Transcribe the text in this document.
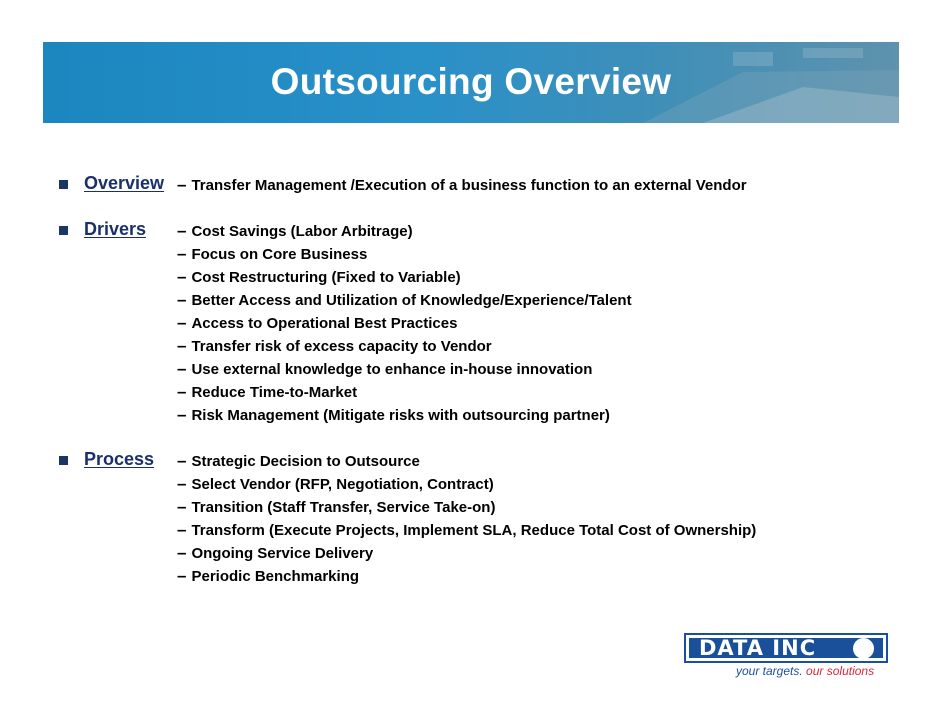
Outsourcing Overview
Overview – Transfer Management /Execution of a business function to an external Vendor
Drivers – Cost Savings (Labor Arbitrage)
– Focus on Core Business
– Cost Restructuring (Fixed to Variable)
– Better Access and Utilization of Knowledge/Experience/Talent
– Access to Operational Best Practices
– Transfer risk of excess capacity to Vendor
– Use external knowledge to enhance in-house innovation
– Reduce Time-to-Market
– Risk Management (Mitigate risks with outsourcing partner)
Process – Strategic Decision to Outsource
– Select Vendor (RFP, Negotiation, Contract)
– Transition (Staff Transfer, Service Take-on)
– Transform (Execute Projects, Implement SLA, Reduce Total Cost of Ownership)
– Ongoing Service Delivery
– Periodic Benchmarking
DATA INC
your targets. our solutions
